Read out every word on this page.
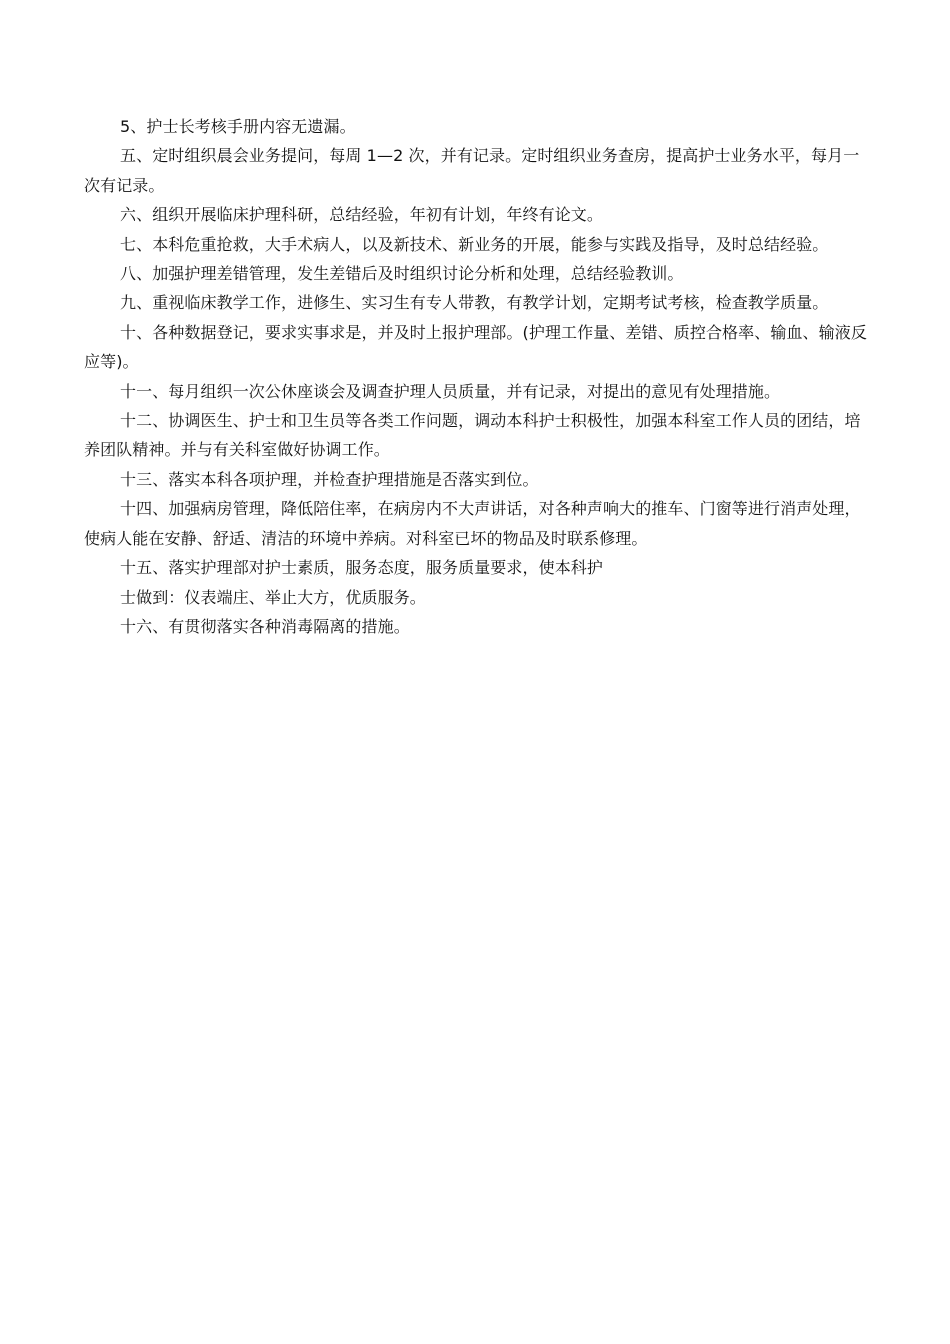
5、护士长考核手册内容无遗漏。

五、定时组织晨会业务提问，每周 1—2 次，并有记录。定时组织业务查房，提高护士业务水平，每月一次有记录。

六、组织开展临床护理科研，总结经验，年初有计划，年终有论文。

七、本科危重抢救，大手术病人，以及新技术、新业务的开展，能参与实践及指导，及时总结经验。

八、加强护理差错管理，发生差错后及时组织讨论分析和处理，总结经验教训。

九、重视临床教学工作，进修生、实习生有专人带教，有教学计划，定期考试考核，检查教学质量。

十、各种数据登记，要求实事求是，并及时上报护理部。(护理工作量、差错、质控合格率、输血、输液反应等)。

十一、每月组织一次公休座谈会及调查护理人员质量，并有记录，对提出的意见有处理措施。

十二、协调医生、护士和卫生员等各类工作问题，调动本科护士积极性，加强本科室工作人员的团结，培养团队精神。并与有关科室做好协调工作。

十三、落实本科各项护理，并检查护理措施是否落实到位。

十四、加强病房管理，降低陪住率，在病房内不大声讲话，对各种声响大的推车、门窗等进行消声处理，使病人能在安静、舒适、清洁的环境中养病。对科室已坏的物品及时联系修理。

十五、落实护理部对护士素质，服务态度，服务质量要求，使本科护

士做到：仪表端庄、举止大方，优质服务。

十六、有贯彻落实各种消毒隔离的措施。
